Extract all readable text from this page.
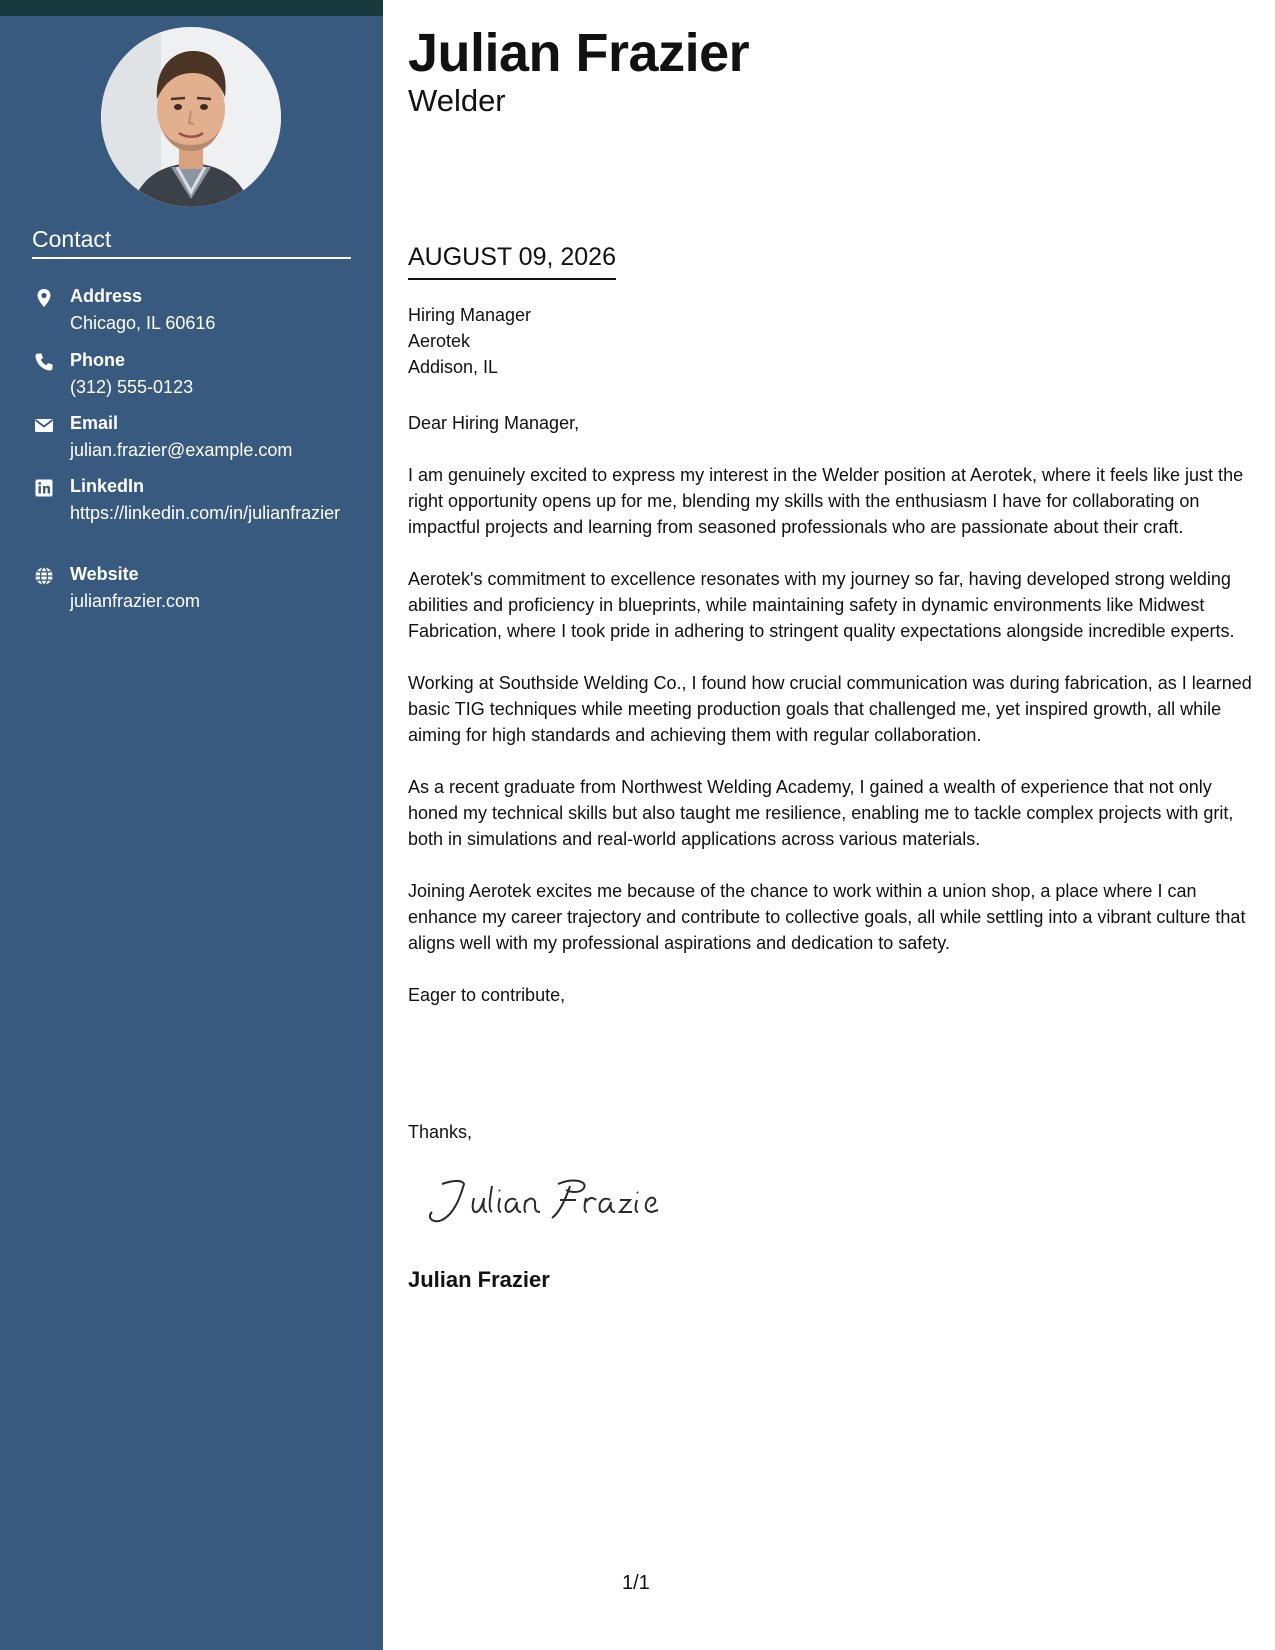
Contact
Address
Chicago, IL 60616
Phone
(312) 555-0123
Email
julian.frazier@example.com
LinkedIn
https://linkedin.com/in/julianfrazier
Website
julianfrazier.com
Julian Frazier
Welder
AUGUST 09, 2026
Hiring Manager
Aerotek
Addison, IL

Dear Hiring Manager,

I am genuinely excited to express my interest in the Welder position at Aerotek, where it feels like just the right opportunity opens up for me, blending my skills with the enthusiasm I have for collaborating on impactful projects and learning from seasoned professionals who are passionate about their craft.

Aerotek's commitment to excellence resonates with my journey so far, having developed strong welding abilities and proficiency in blueprints, while maintaining safety in dynamic environments like Midwest Fabrication, where I took pride in adhering to stringent quality expectations alongside incredible experts.

Working at Southside Welding Co., I found how crucial communication was during fabrication, as I learned basic TIG techniques while meeting production goals that challenged me, yet inspired growth, all while aiming for high standards and achieving them with regular collaboration.

As a recent graduate from Northwest Welding Academy, I gained a wealth of experience that not only honed my technical skills but also taught me resilience, enabling me to tackle complex projects with grit, both in simulations and real-world applications across various materials.

Joining Aerotek excites me because of the chance to work within a union shop, a place where I can enhance my career trajectory and contribute to collective goals, all while settling into a vibrant culture that aligns well with my professional aspirations and dedication to safety.

Eager to contribute,

Thanks,
Julian Frazier
1/1
